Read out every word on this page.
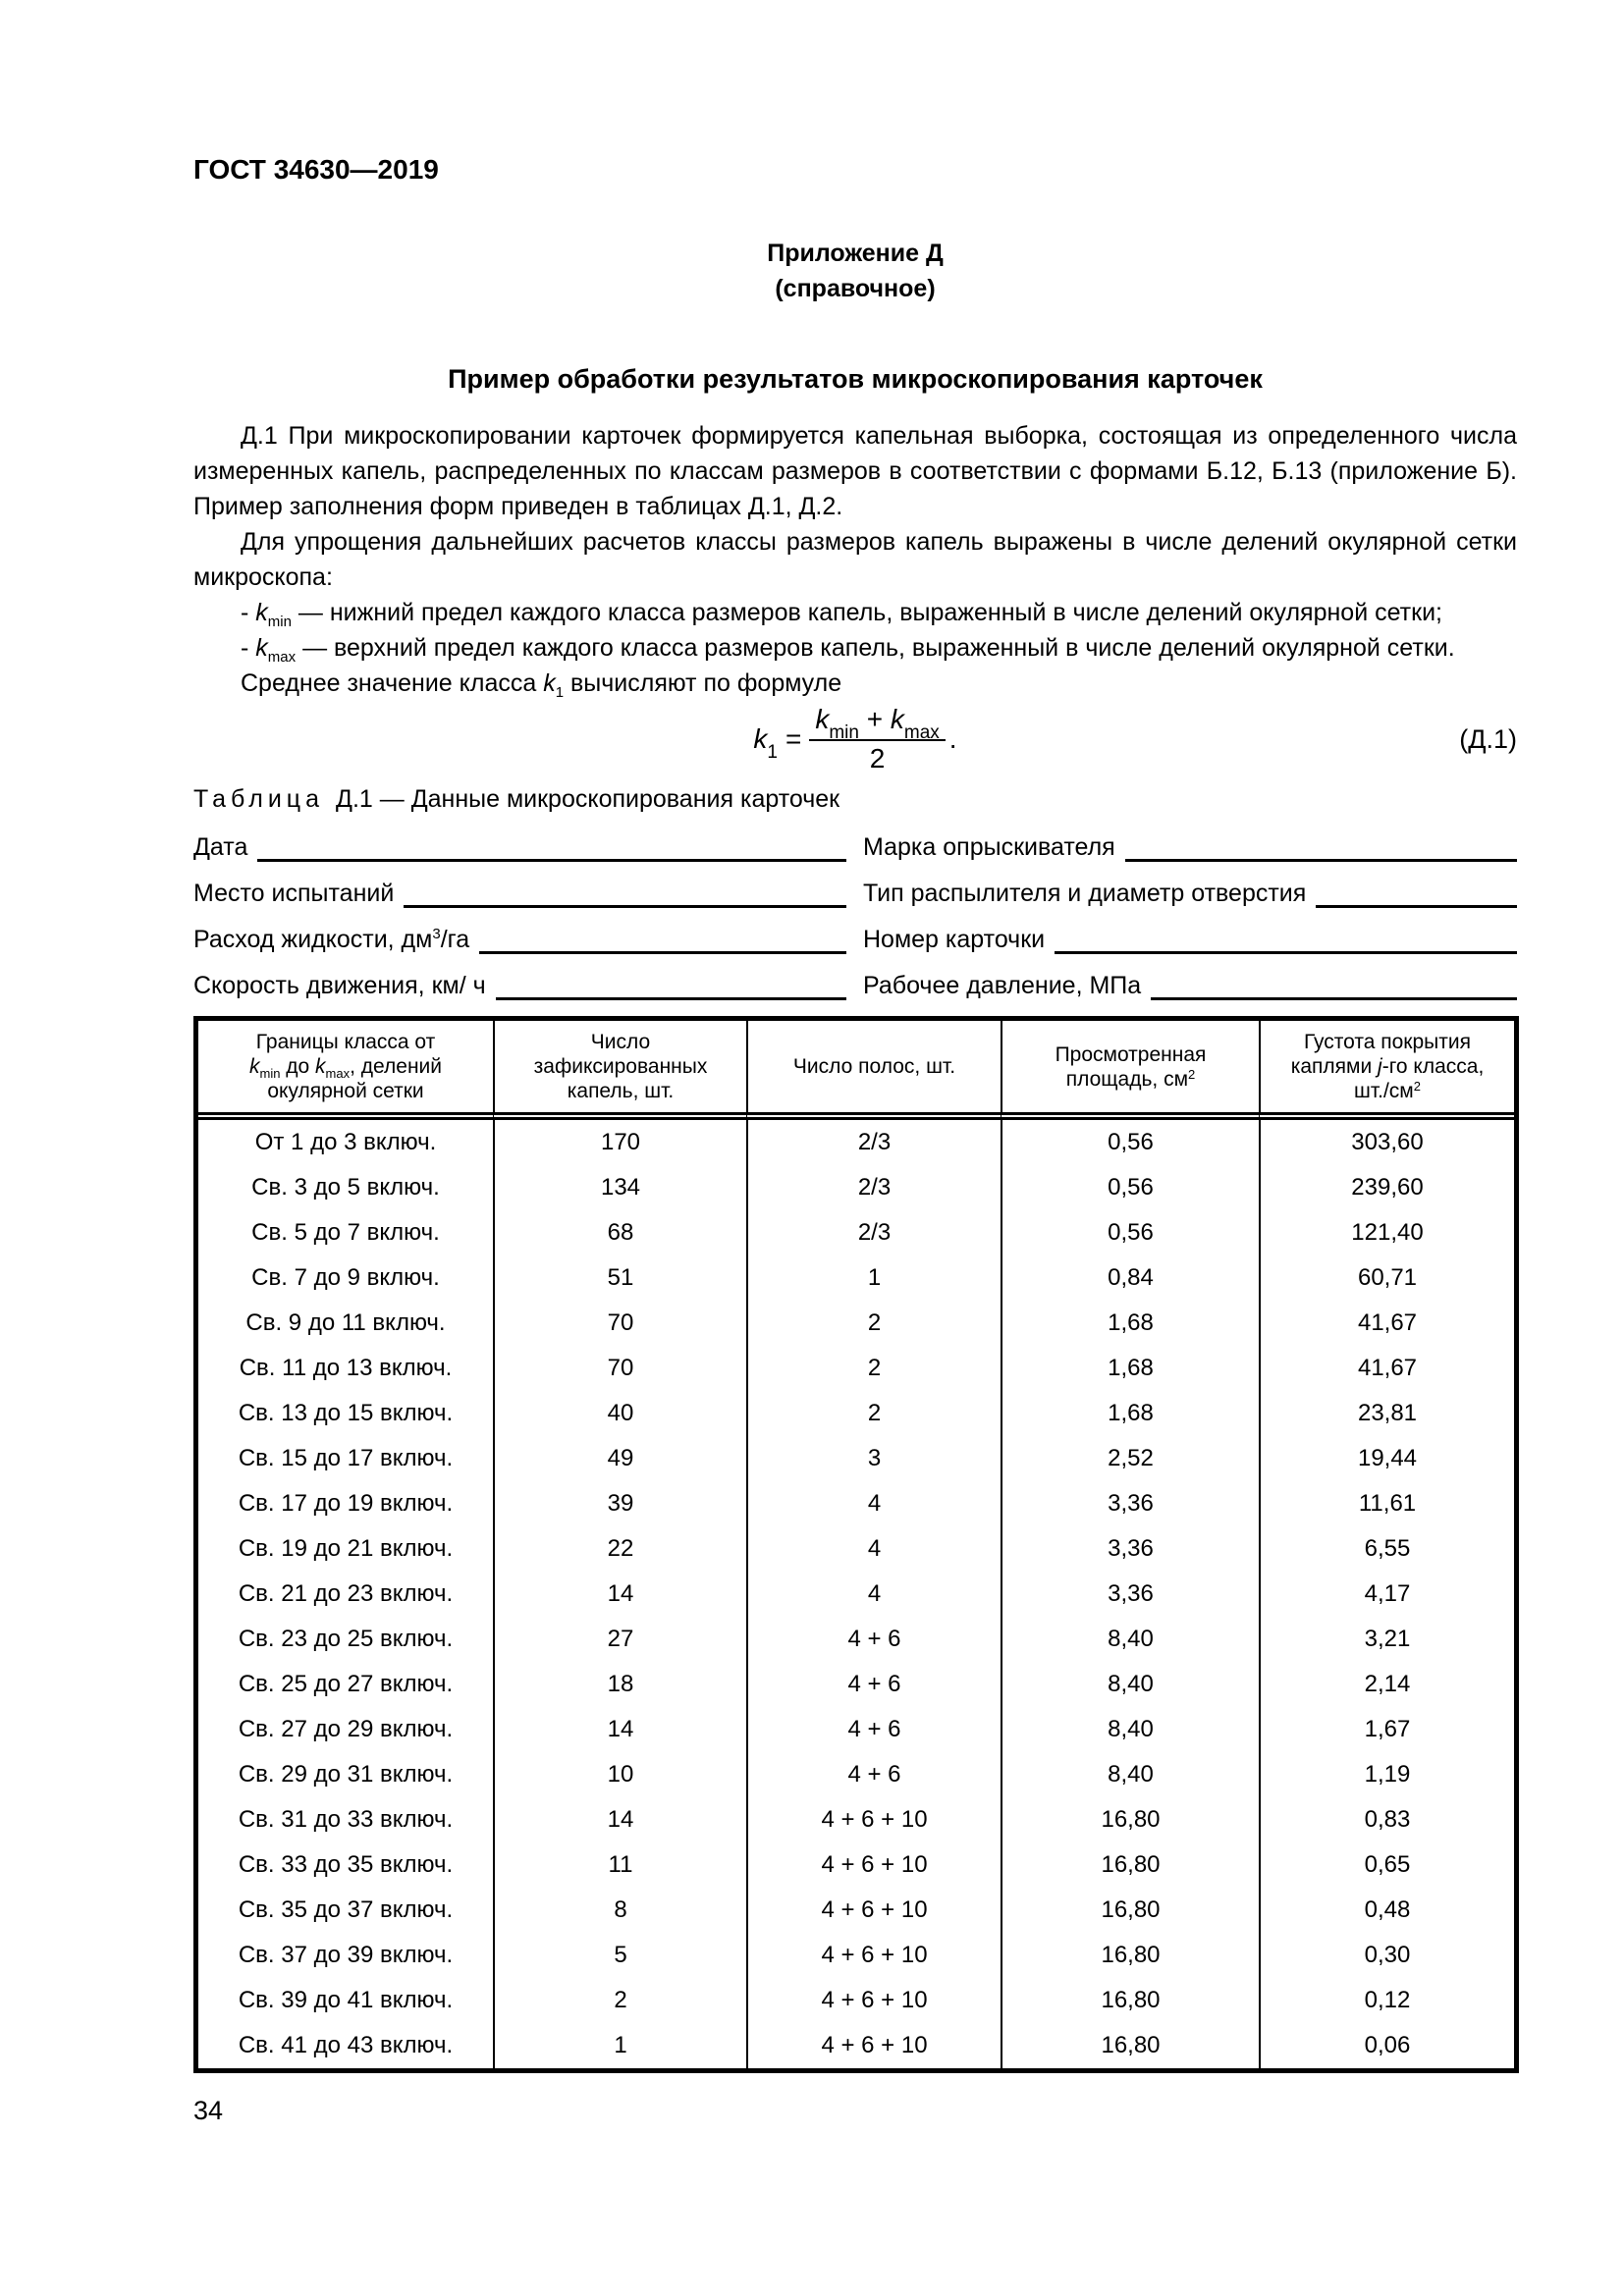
ГОСТ 34630—2019
Приложение Д
(справочное)
Пример обработки результатов микроскопирования карточек

Д.1 При микроскопировании карточек формируется капельная выборка, состоящая из определенного числа измеренных капель, распределенных по классам размеров в соответствии с формами Б.12, Б.13 (приложение Б). Пример заполнения форм приведен в таблицах Д.1, Д.2.

Для упрощения дальнейших расчетов классы размеров капель выражены в числе делений окулярной сетки микроскопа:

- $k_{min}$ — нижний предел каждого класса размеров капель, выраженный в числе делений окулярной сетки;

- $k_{max}$ — верхний предел каждого класса размеров капель, выраженный в числе делений окулярной сетки.

Среднее значение класса $k_1$ вычисляют по формуле

$k_1 = \frac{k_{min} + k_{max}}{2}$ .	(Д.1)
Таблица Д.1 — Данные микроскопирования карточек
Дата	Марка опрыскивателя
Место испытаний	Тип распылителя и диаметр отверстия
Расход жидкости, $дм^3/га$	Номер карточки
Скорость движения, км/ ч	Рабочее давление, МПа
Границы класса от
$k_{min}$ до $k_{max}$, делений
окулярной сетки	Число
зафиксированных
капель, шт.	Число полос, шт.	Просмотренная
площадь, $см^2$	Густота покрытия
каплями j-го класса,
$шт./см^2$

От 1 до 3 включ.	170	2/3	0,56	303,60
Св. 3 до 5 включ.	134	2/3	0,56	239,60
Св. 5 до 7 включ.	68	2/3	0,56	121,40
Св. 7 до 9 включ.	51	1	0,84	60,71
Св. 9 до 11 включ.	70	2	1,68	41,67
Св. 11 до 13 включ.	70	2	1,68	41,67
Св. 13 до 15 включ.	40	2	1,68	23,81
Св. 15 до 17 включ.	49	3	2,52	19,44
Св. 17 до 19 включ.	39	4	3,36	11,61
Св. 19 до 21 включ.	22	4	3,36	6,55
Св. 21 до 23 включ.	14	4	3,36	4,17
Св. 23 до 25 включ.	27	4 + 6	8,40	3,21
Св. 25 до 27 включ.	18	4 + 6	8,40	2,14
Св. 27 до 29 включ.	14	4 + 6	8,40	1,67
Св. 29 до 31 включ.	10	4 + 6	8,40	1,19
Св. 31 до 33 включ.	14	4 + 6 + 10	16,80	0,83
Св. 33 до 35 включ.	11	4 + 6 + 10	16,80	0,65
Св. 35 до 37 включ.	8	4 + 6 + 10	16,80	0,48
Св. 37 до 39 включ.	5	4 + 6 + 10	16,80	0,30
Св. 39 до 41 включ.	2	4 + 6 + 10	16,80	0,12
Св. 41 до 43 включ.	1	4 + 6 + 10	16,80	0,06
34
